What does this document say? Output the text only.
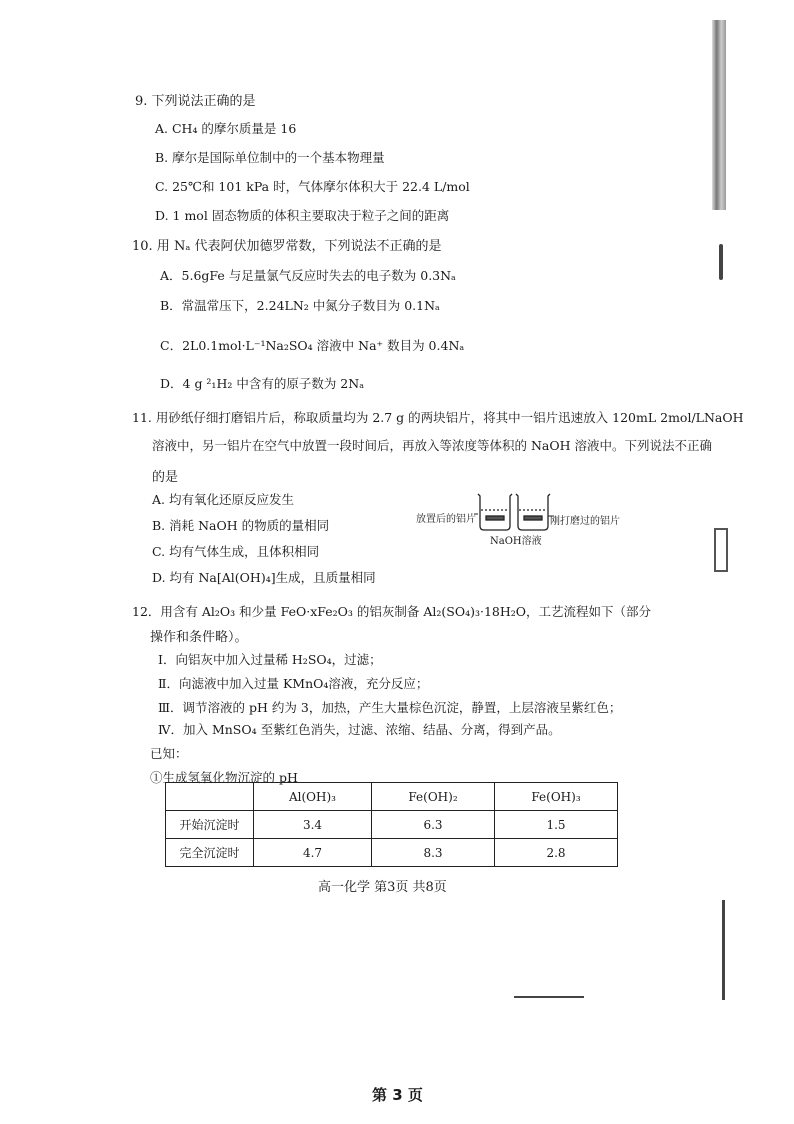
9. 下列说法正确的是
A. CH₄ 的摩尔质量是 16
B. 摩尔是国际单位制中的一个基本物理量
C. 25℃和 101 kPa 时，气体摩尔体积大于 22.4 L/mol
D. 1 mol 固态物质的体积主要取决于粒子之间的距离
10. 用 Nₐ 代表阿伏加德罗常数，下列说法不正确的是
A．5.6gFe 与足量氯气反应时失去的电子数为 0.3Nₐ
B．常温常压下，2.24LN₂ 中氮分子数目为 0.1Nₐ
C．2L0.1mol·L⁻¹Na₂SO₄ 溶液中 Na⁺ 数目为 0.4Nₐ
D．4 g ²₁H₂ 中含有的原子数为 2Nₐ
11. 用砂纸仔细打磨铝片后，称取质量均为 2.7 g 的两块铝片，将其中一铝片迅速放入 120mL 2mol/LNaOH
溶液中，另一铝片在空气中放置一段时间后，再放入等浓度等体积的 NaOH 溶液中。下列说法不正确
的是
A. 均有氧化还原反应发生
B. 消耗 NaOH 的物质的量相同
C. 均有气体生成，且体积相同
D. 均有 Na[Al(OH)₄]生成，且质量相同
放置后的铝片	刚打磨过的铝片
NaOH溶液
12．用含有 Al₂O₃ 和少量 FeO·xFe₂O₃ 的铝灰制备 Al₂(SO₄)₃·18H₂O，工艺流程如下（部分
操作和条件略）。
Ⅰ．向铝灰中加入过量稀 H₂SO₄，过滤；
Ⅱ．向滤液中加入过量 KMnO₄溶液，充分反应；
Ⅲ．调节溶液的 pH 约为 3，加热，产生大量棕色沉淀，静置，上层溶液呈紫红色；
Ⅳ．加入 MnSO₄ 至紫红色消失，过滤、浓缩、结晶、分离，得到产品。
已知：
①生成氢氧化物沉淀的 pH
	Al(OH)₃	Fe(OH)₂	Fe(OH)₃
开始沉淀时	3.4	6.3	1.5
完全沉淀时	4.7	8.3	2.8
高一化学 第3页 共8页
第 3 页
